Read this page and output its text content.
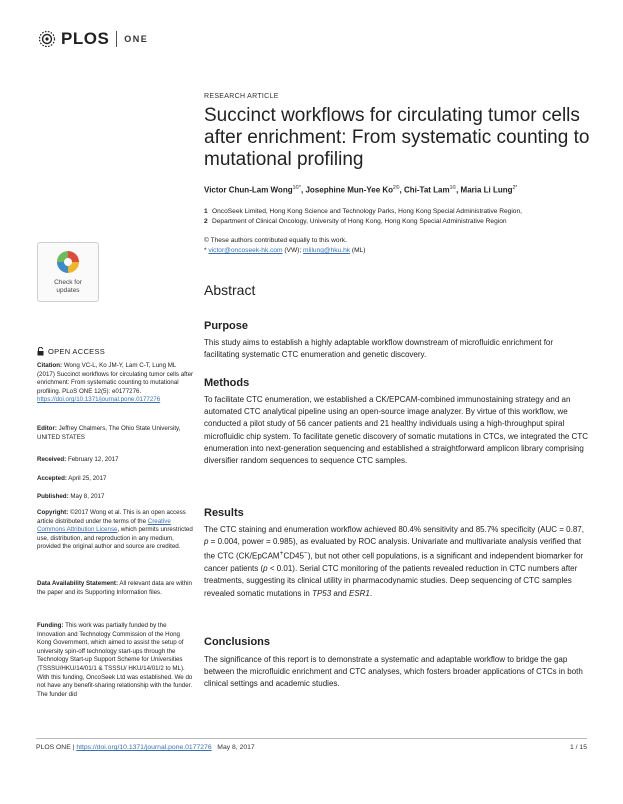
PLOS ONE
RESEARCH ARTICLE
Succinct workflows for circulating tumor cells after enrichment: From systematic counting to mutational profiling
Victor Chun-Lam Wong$^{1©*}$, Josephine Mun-Yee $Ko^{2©}$, Chi-Tat Lam$^{1©}$, Maria Li Lung$^{2*}$
1 OncoSeek Limited, Hong Kong Science and Technology Parks, Hong Kong Special Administrative Region,
2 Department of Clinical Oncology, University of Hong Kong, Hong Kong Special Administrative Region
© These authors contributed equally to this work.
* victor@oncoseek-hk.com (VW); mlilung@hku.hk (ML)
Check for
updates	Abstract
Purpose
This study aims to establish a highly adaptable workflow downstream of microfluidic enrichment for facilitating systematic CTC enumeration and genetic discovery.
Methods
To facilitate CTC enumeration, we established a CK/EPCAM-combined immunostaining strategy and an automated CTC analytical pipeline using an open-source image analyzer. By virtue of this workflow, we conducted a pilot study of 56 cancer patients and 21 healthy individuals using a high-throughput spiral microfluidic chip system. To facilitate genetic discovery of somatic mutations in CTCs, we integrated the CTC enumeration into next-generation sequencing and established a straightforward amplicon library comprising diversifier random sequences to sequence CTC samples.
Results
The CTC staining and enumeration workflow achieved 80.4% sensitivity and 85.7% specificity (AUC = 0.87, p = 0.004, power = 0.985), as evaluated by ROC analysis. Univariate and multivariate analysis verified that the CTC (CK/EpCAM+CD45−), but not other cell populations, is a significant and independent biomarker for cancer patients (p < 0.01). Serial CTC monitoring of the patients revealed reduction in CTC numbers after treatments, suggesting its clinical utility in pharmacodynamic studies. Deep sequencing of CTC samples revealed somatic mutations in TP53 and ESR1.
Conclusions
The significance of this report is to demonstrate a systematic and adaptable workflow to bridge the gap between the microfluidic enrichment and CTC analyses, which fosters broader applications of CTCs in both clinical settings and academic studies.
OPEN ACCESS
Citation: Wong VC-L, Ko JM-Y, Lam C-T, Lung ML (2017) Succinct workflows for circulating tumor cells after enrichment: From systematic counting to mutational profiling. PLoS ONE 12(5): e0177276. https://doi.org/10.1371/journal.pone.0177276
Editor: Jeffrey Chalmers, The Ohio State University, UNITED STATES
Received: February 12, 2017
Accepted: April 25, 2017
Published: May 8, 2017
Copyright: ©2017 Wong et al. This is an open access article distributed under the terms of the Creative Commons Attribution License, which permits unrestricted use, distribution, and reproduction in any medium, provided the original author and source are credited.
Data Availability Statement: All relevant data are within the paper and its Supporting Information files.
Funding: This work was partially funded by the Innovation and Technology Commission of the Hong Kong Government, which aimed to assist the setup of university spin-off technology start-ups through the Technology Start-up Support Scheme for Universities (TSSSU/HKU/14/01/1 & TSSSU/ HKU/14/01/2 to ML). With this funding, OncoSeek Ltd was established. We do not have any benefit-sharing relationship with the funder. The funder did
PLOS ONE | https://doi.org/10.1371/journal.pone.0177276 May 8, 2017	1 / 15
